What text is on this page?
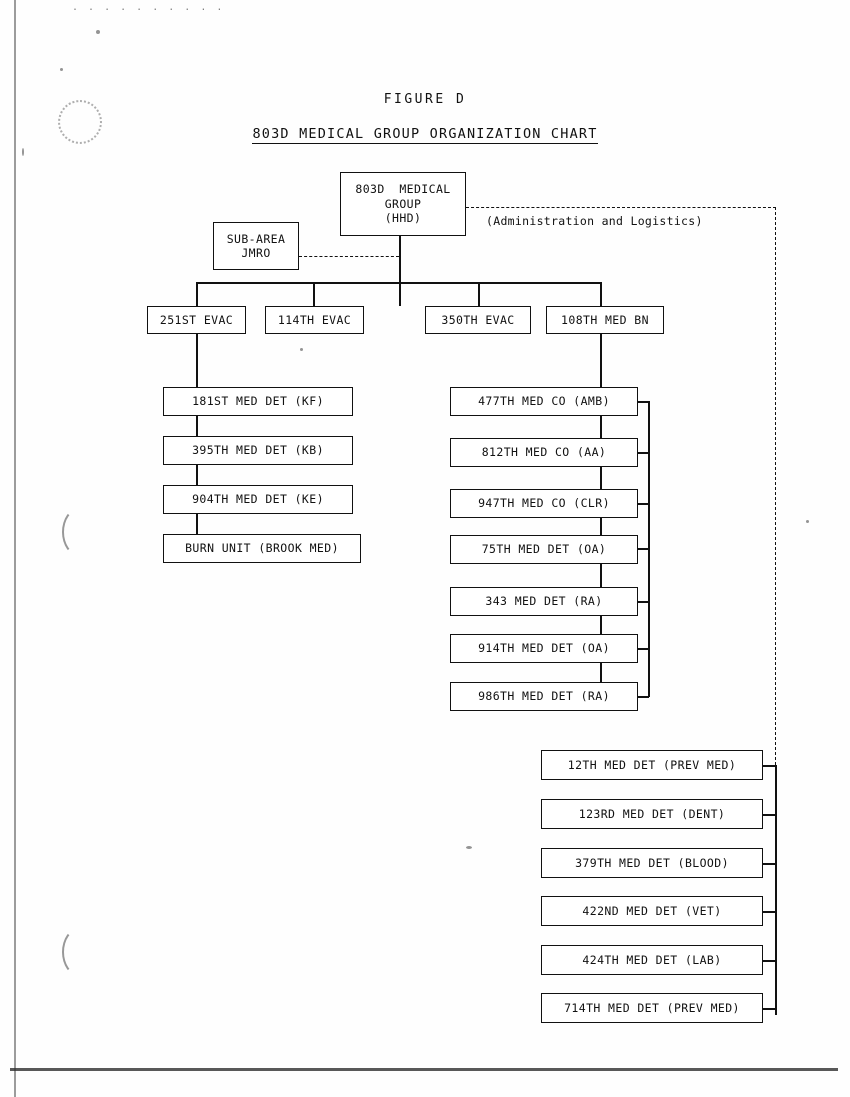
. . . . . . . . . .
FIGURE D
803D MEDICAL GROUP ORGANIZATION CHART
(Administration and Logistics)
803D  MEDICAL
GROUP
(HHD)
SUB-AREA
JMRO
251ST EVAC	114TH EVAC	350TH EVAC	108TH MED BN
181ST MED DET (KF)
395TH MED DET (KB)
904TH MED DET (KE)
BURN UNIT (BROOK MED)
477TH MED CO (AMB)
812TH MED CO (AA)
947TH MED CO (CLR)
75TH MED DET (OA)
343 MED DET (RA)
914TH MED DET (OA)
986TH MED DET (RA)
12TH MED DET (PREV MED)
123RD MED DET (DENT)
379TH MED DET (BLOOD)
422ND MED DET (VET)
424TH MED DET (LAB)
714TH MED DET (PREV MED)
